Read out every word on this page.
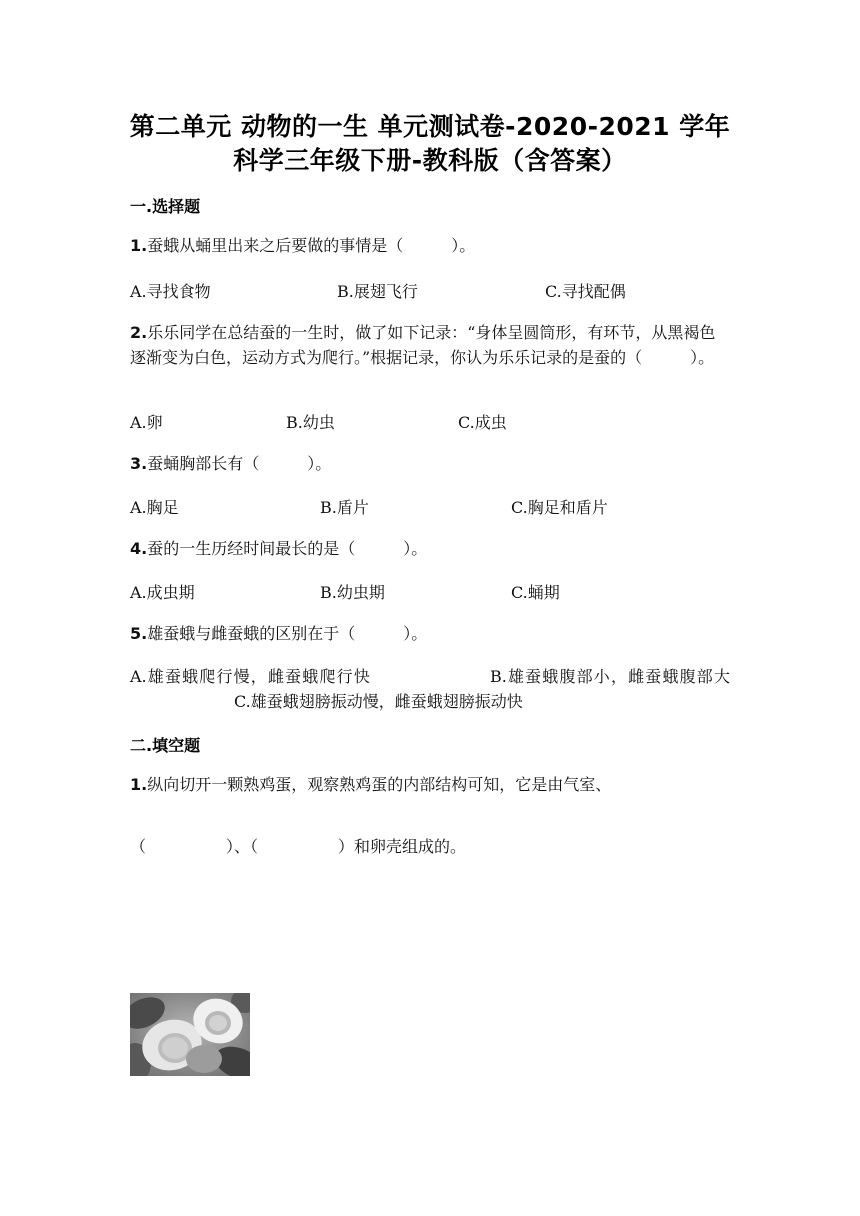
第二单元 动物的一生 单元测试卷-2020-2021 学年
科学三年级下册-教科版（含答案）
一.选择题
1.蚕蛾从蛹里出来之后要做的事情是（　　　）。
A.寻找食物	B.展翅飞行	C.寻找配偶
2.乐乐同学在总结蚕的一生时，做了如下记录：“身体呈圆筒形，有环节，从黑褐色逐渐变为白色，运动方式为爬行。”根据记录，你认为乐乐记录的是蚕的（　　　）。
A.卵	B.幼虫	C.成虫
3.蚕蛹胸部长有（　　　）。
A.胸足	B.盾片	C.胸足和盾片
4.蚕的一生历经时间最长的是（　　　）。
A.成虫期	B.幼虫期	C.蛹期
5.雄蚕蛾与雌蚕蛾的区别在于（　　　）。
A.雄蚕蛾爬行慢，雌蚕蛾爬行快	B.雄蚕蛾腹部小，雌蚕蛾腹部大C.雄蚕蛾翅膀振动慢，雌蚕蛾翅膀振动快
二.填空题
1.纵向切开一颗熟鸡蛋，观察熟鸡蛋的内部结构可知，它是由气室、
（　　　　　）、（　　　　　）和卵壳组成的。
